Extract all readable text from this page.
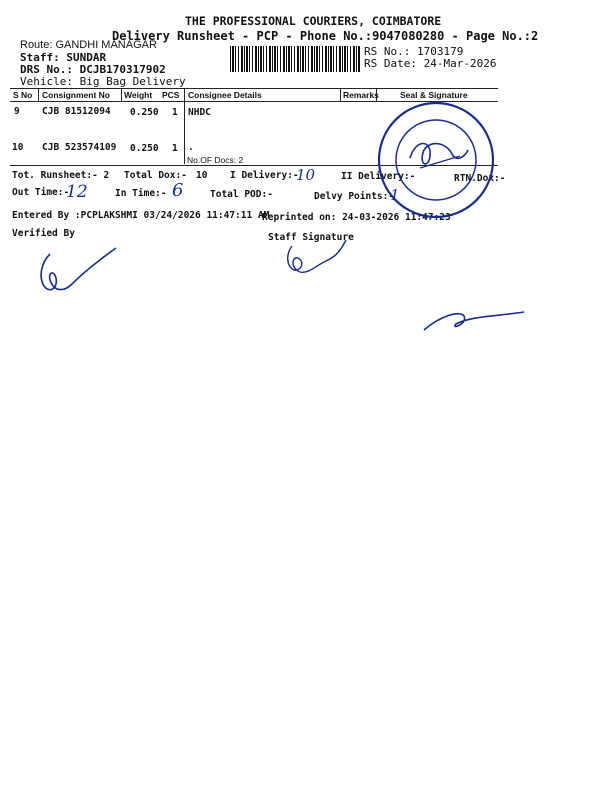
THE PROFESSIONAL COURIERS, COIMBATORE
Delivery Runsheet - PCP - Phone No.:9047080280 - Page No.:2
Route: GANDHI MANAGAR
Staff: SUNDAR
DRS No.: DCJB170317902
Vehicle: Big Bag Delivery
RS No.: 1703179
RS Date: 24-Mar-2026
S No Consignment No Weight PCS Consignee Details	Remarks Seal & Signature
9 CJB 81512094 0.250 1 NHDC
10 CJB 523574109 0.250 1 .
No.OF Docs: 2
Tot. Runsheet:- 2 Total Dox:- 10 I Delivery:-	II Delivery:-	RTN.Dox:-
Out Time:-	In Time:-	Total POD:-	Delvy Points:-
10
12	6	1
Entered By :PCPLAKSHMI 03/24/2026 11:47:11 AM
Reprinted on: 24-03-2026 11:47:23
Verified By	Staff Signature
